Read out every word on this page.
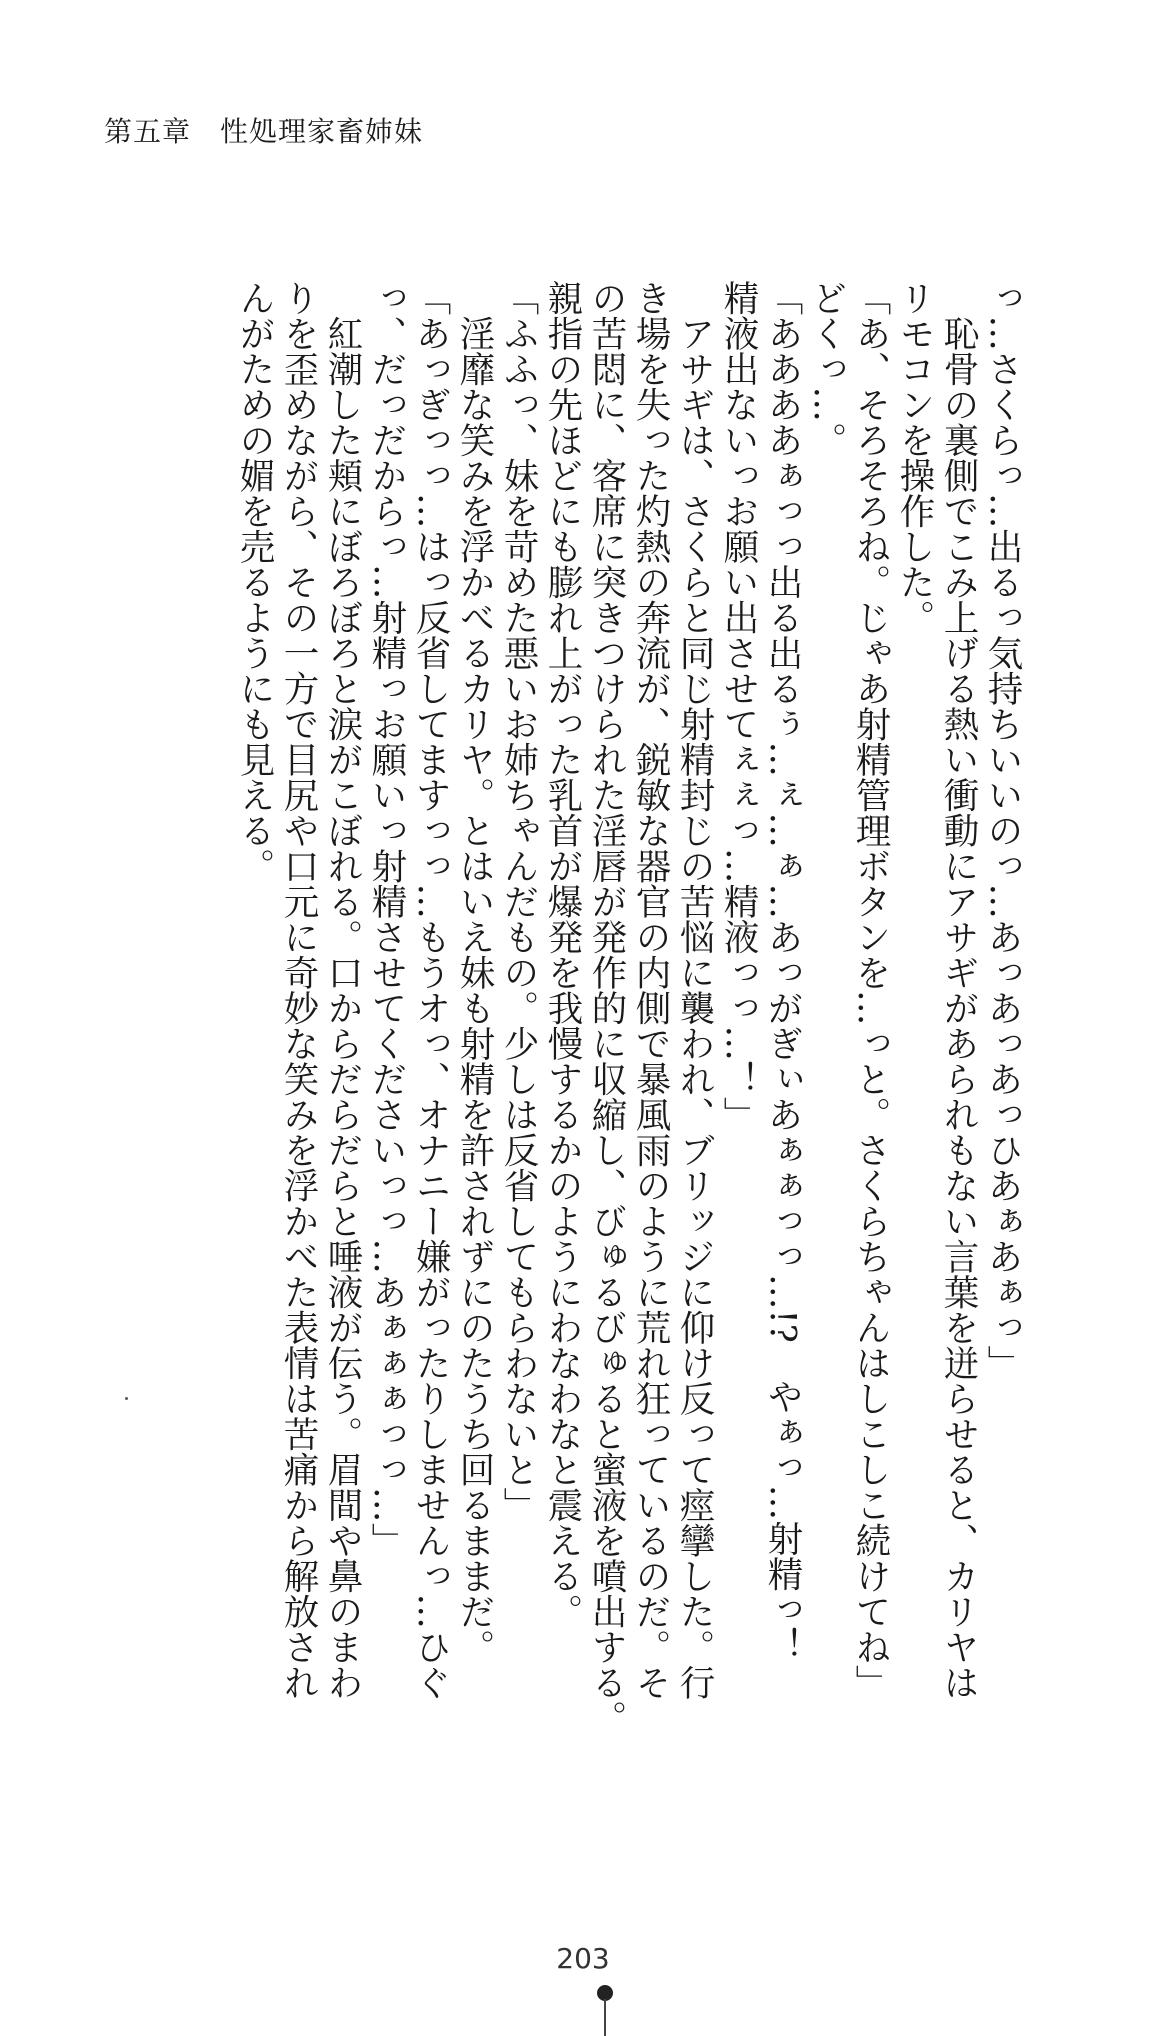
第五章　性処理家畜姉妹
っ…さくらっ…出るっ気持ちいいのっ…あっあっあっひあぁあぁっ」
　恥骨の裏側でこみ上げる熱い衝動にアサギがあられもない言葉を迸らせると、カリヤは
リモコンを操作した。
「あ、そろそろね。じゃあ射精管理ボタンを…っと。さくらちゃんはしこしこ続けてね」
どくっ…。
「ああああぁっっ出る出るぅ…ぇ…ぁ…あっがぎぃあぁぁっっ…!?　やぁっ…射精っ！
精液出ないっお願い出させてぇぇっ…精液っっ…！」
　アサギは、さくらと同じ射精封じの苦悩に襲われ、ブリッジに仰け反って痙攣した。行
き場を失った灼熱の奔流が、鋭敏な器官の内側で暴風雨のように荒れ狂っているのだ。そ
の苦悶に、客席に突きつけられた淫唇が発作的に収縮し、びゅるびゅると蜜液を噴出する。
親指の先ほどにも膨れ上がった乳首が爆発を我慢するかのようにわなわなと震える。
「ふふっ、妹を苛めた悪いお姉ちゃんだもの。少しは反省してもらわないと」
　淫靡な笑みを浮かべるカリヤ。とはいえ妹も射精を許されずにのたうち回るままだ。
「あっぎっっ…はっ反省してますっっ…もうオっ、オナニー嫌がったりしませんっ…ひぐ
っ、だっだからっ…射精っお願いっ射精させてくださいっっ…あぁぁぁっっ…」
　紅潮した頬にぼろぼろと涙がこぼれる。口からだらだらと唾液が伝う。眉間や鼻のまわ
りを歪めながら、その一方で目尻や口元に奇妙な笑みを浮かべた表情は苦痛から解放され
んがための媚を売るようにも見える。
203
